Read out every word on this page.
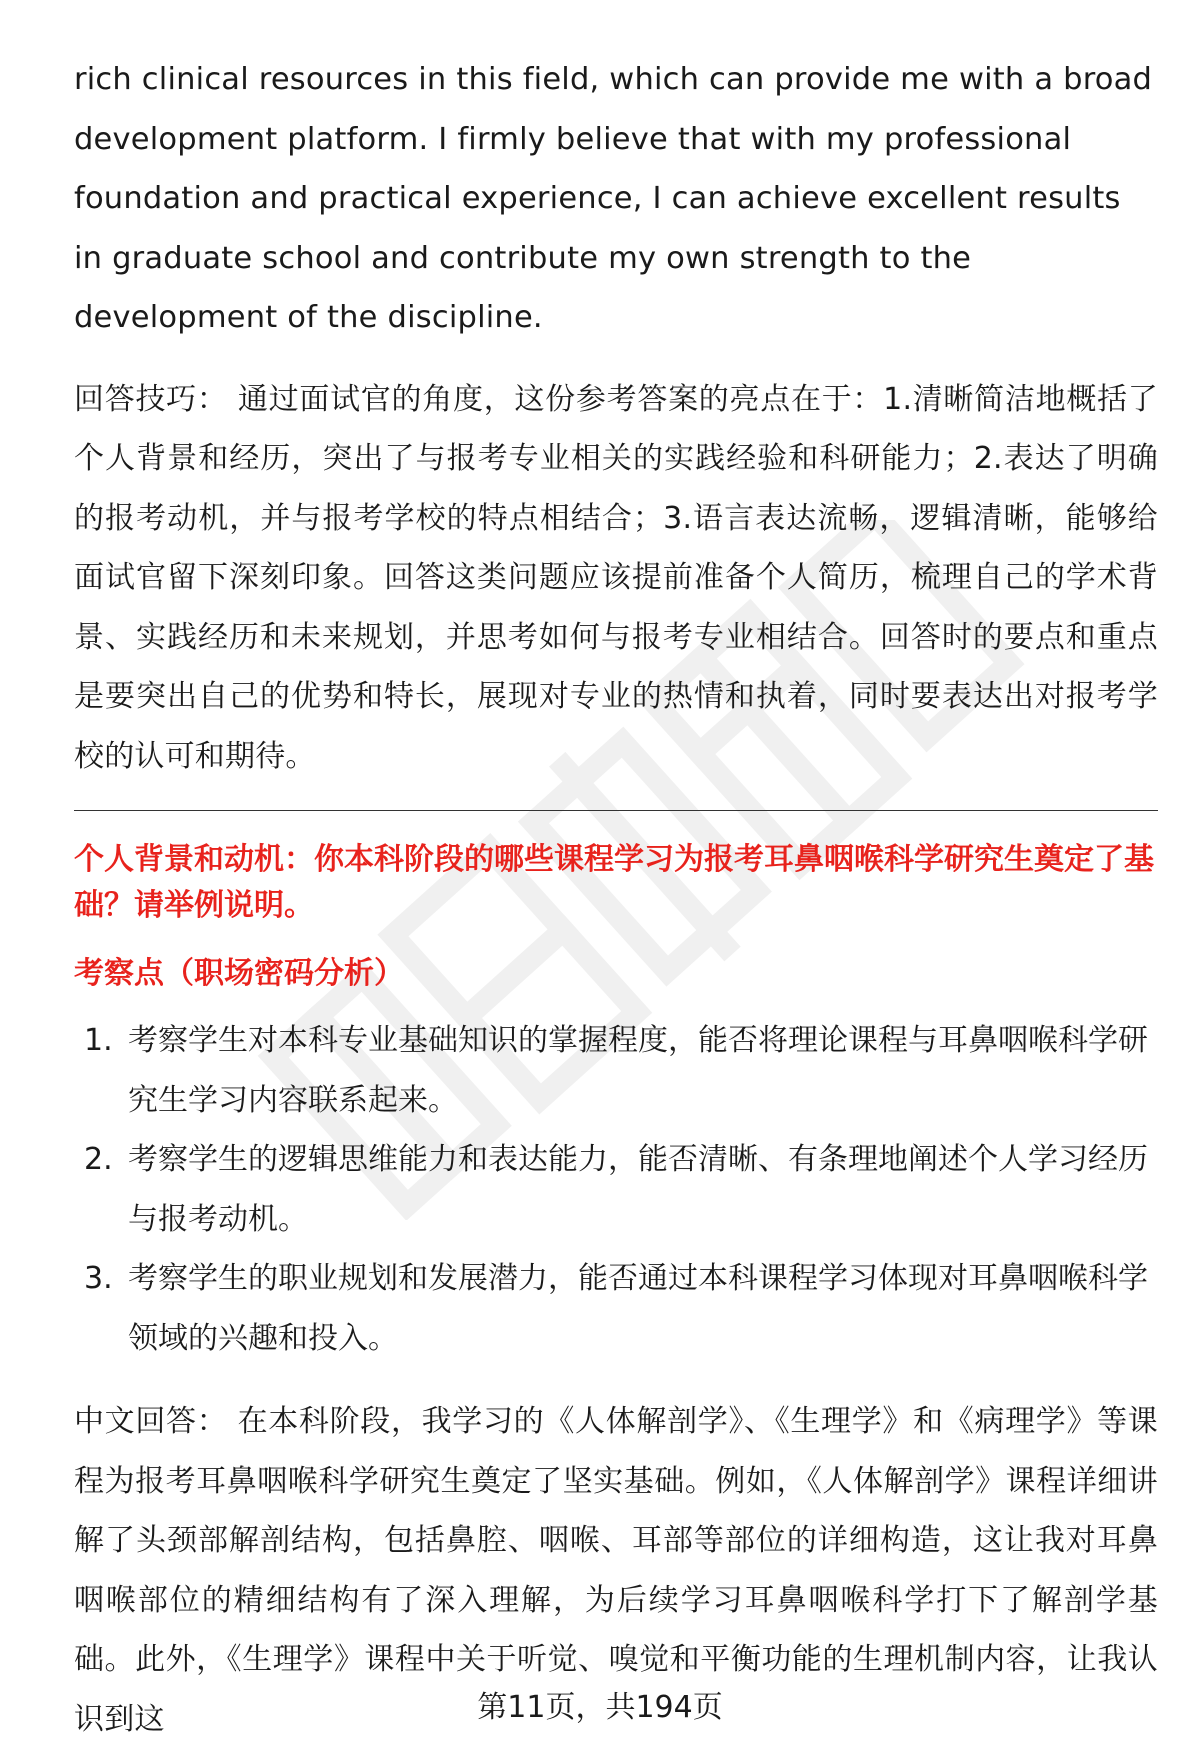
rich clinical resources in this field, which can provide me with a broad development platform. I firmly believe that with my professional foundation and practical experience, I can achieve excellent results in graduate school and contribute my own strength to the development of the discipline.

回答技巧： 通过面试官的角度，这份参考答案的亮点在于：1.清晰简洁地概括了个人背景和经历，突出了与报考专业相关的实践经验和科研能力；2.表达了明确的报考动机，并与报考学校的特点相结合；3.语言表达流畅，逻辑清晰，能够给面试官留下深刻印象。回答这类问题应该提前准备个人简历，梳理自己的学术背景、实践经历和未来规划，并思考如何与报考专业相结合。回答时的要点和重点是要突出自己的优势和特长，展现对专业的热情和执着，同时要表达出对报考学校的认可和期待。

个人背景和动机：你本科阶段的哪些课程学习为报考耳鼻咽喉科学研究生奠定了基础？请举例说明。
考察点（职场密码分析）
1. 考察学生对本科专业基础知识的掌握程度，能否将理论课程与耳鼻咽喉科学研究生学习内容联系起来。
2. 考察学生的逻辑思维能力和表达能力，能否清晰、有条理地阐述个人学习经历与报考动机。
3. 考察学生的职业规划和发展潜力，能否通过本科课程学习体现对耳鼻咽喉科学领域的兴趣和投入。

中文回答： 在本科阶段，我学习的《人体解剖学》、《生理学》和《病理学》等课程为报考耳鼻咽喉科学研究生奠定了坚实基础。例如，《人体解剖学》课程详细讲解了头颈部解剖结构，包括鼻腔、咽喉、耳部等部位的详细构造，这让我对耳鼻咽喉部位的精细结构有了深入理解，为后续学习耳鼻咽喉科学打下了解剖学基础。此外，《生理学》课程中关于听觉、嗅觉和平衡功能的生理机制内容，让我认识到这	第11页，共194页
